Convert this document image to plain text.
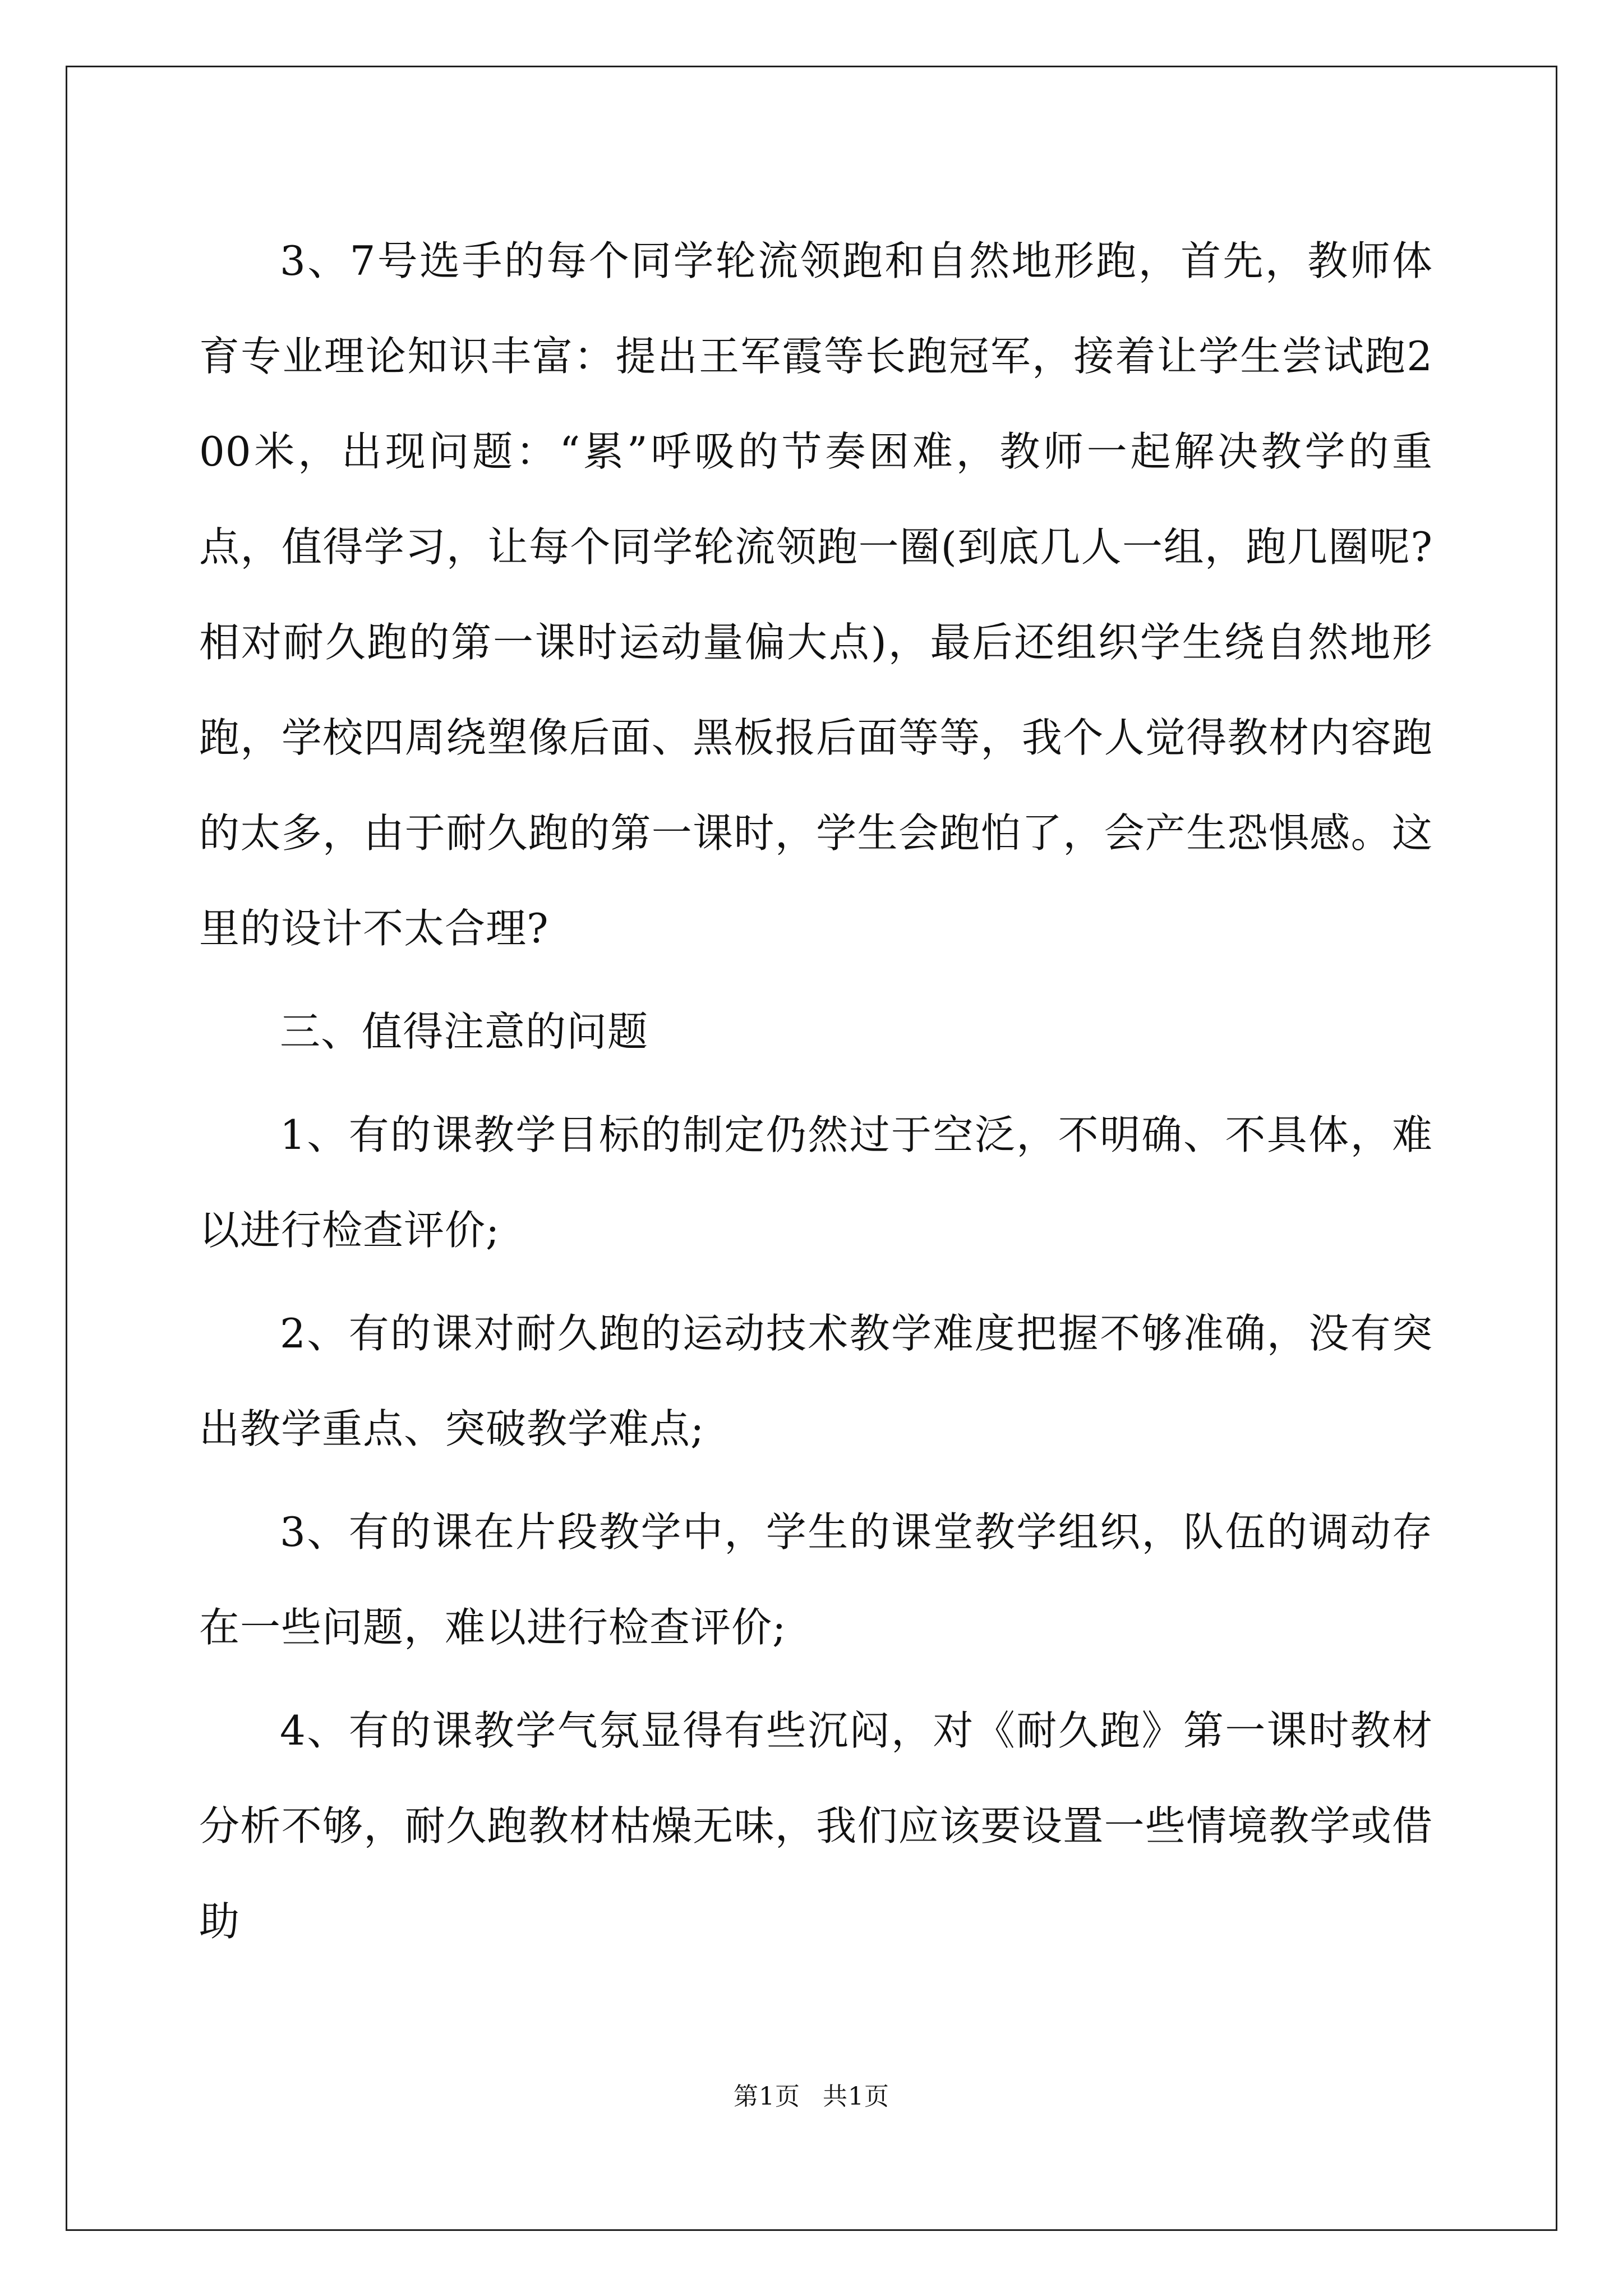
3、7号选手的每个同学轮流领跑和自然地形跑，首先，教师体育专业理论知识丰富：提出王军霞等长跑冠军，接着让学生尝试跑200米，出现问题：“累”呼吸的节奏困难，教师一起解决教学的重点，值得学习，让每个同学轮流领跑一圈(到底几人一组，跑几圈呢?相对耐久跑的第一课时运动量偏大点)，最后还组织学生绕自然地形跑，学校四周绕塑像后面、黑板报后面等等，我个人觉得教材内容跑的太多，由于耐久跑的第一课时，学生会跑怕了，会产生恐惧感。这里的设计不太合理?

三、值得注意的问题

1、有的课教学目标的制定仍然过于空泛，不明确、不具体，难以进行检查评价;

2、有的课对耐久跑的运动技术教学难度把握不够准确，没有突出教学重点、突破教学难点;

3、有的课在片段教学中，学生的课堂教学组织，队伍的调动存在一些问题，难以进行检查评价;

4、有的课教学气氛显得有些沉闷，对《耐久跑》第一课时教材分析不够，耐久跑教材枯燥无味，我们应该要设置一些情境教学或借助

第1页 共1页
